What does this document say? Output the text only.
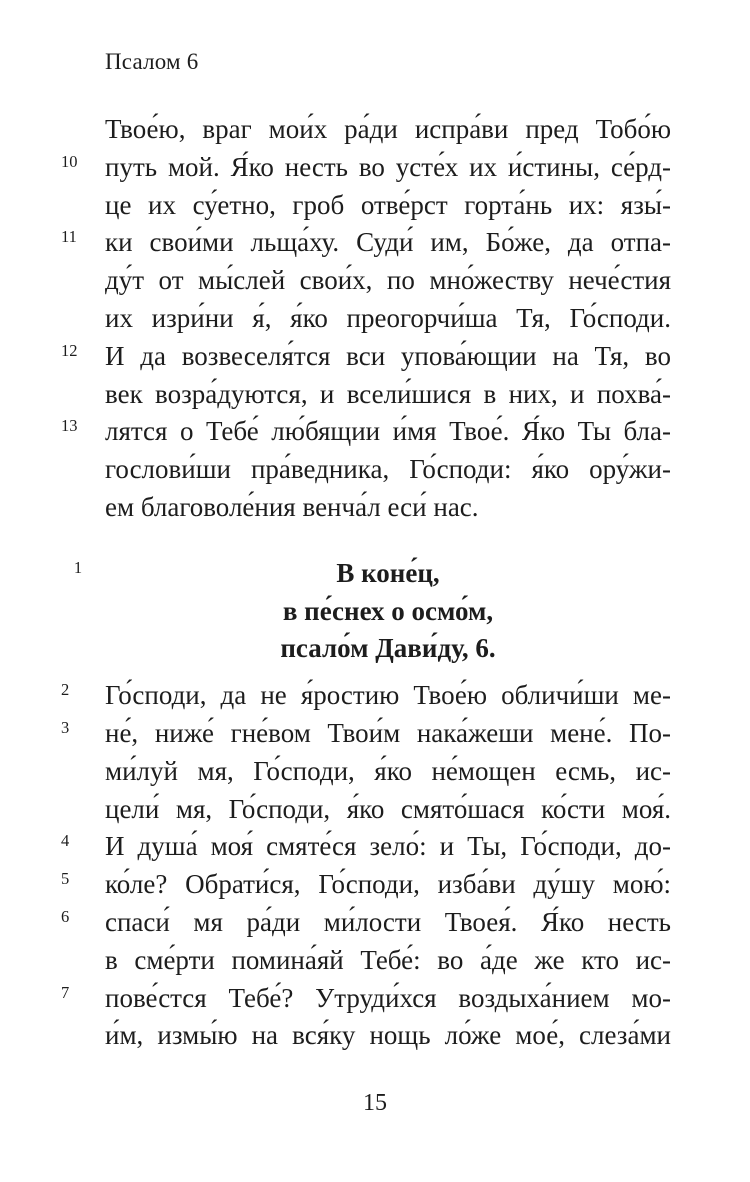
Псалом 6
Твое́ю, враг мои́х ра́ди испра́ви пред Тобо́ю
10	путь мой. Я́ко несть во усте́х их и́стины, се́рд-
це их су́етно, гроб отве́рст горта́нь их: язы́-
11	ки свои́ми льща́ху. Суди́ им, Бо́же, да отпа-
ду́т от мы́слей свои́х, по мно́жеству нече́стия
их изри́ни я́, я́ко преогорчи́ша Тя, Го́споди.
12	И да возвеселя́тся вси упова́ющии на Тя, во
век возра́дуются, и всели́шися в них, и похва́-
13	лятся о Тебе́ лю́бящии и́мя Твое́. Я́ко Ты бла-
гослови́ши пра́ведника, Го́споди: я́ко ору́жи-
ем благоволе́ния венча́л еси́ нас.
1	В коне́ц,
в пе́снех о осмо́м,
псало́м Дави́ду, 6.
2	Го́споди, да не я́ростию Твое́ю обличи́ши ме-
3	не́, ниже́ гне́вом Твои́м нака́жеши мене́. По-
ми́луй мя, Го́споди, я́ко не́мощен есмь, ис-
цели́ мя, Го́споди, я́ко смято́шася ко́сти моя́.
4	И душа́ моя́ смяте́ся зело́: и Ты, Го́споди, до-
5	ко́ле? Обрати́ся, Го́споди, изба́ви ду́шу мою́:
6	спаси́ мя ра́ди ми́лости Твоея́. Я́ко несть
в сме́рти помина́яй Тебе́: во а́де же кто ис-
7	пове́стся Тебе́? Утруди́хся воздыха́нием мо-
и́м, измы́ю на вся́ку нощь ло́же мое́, слеза́ми
15
